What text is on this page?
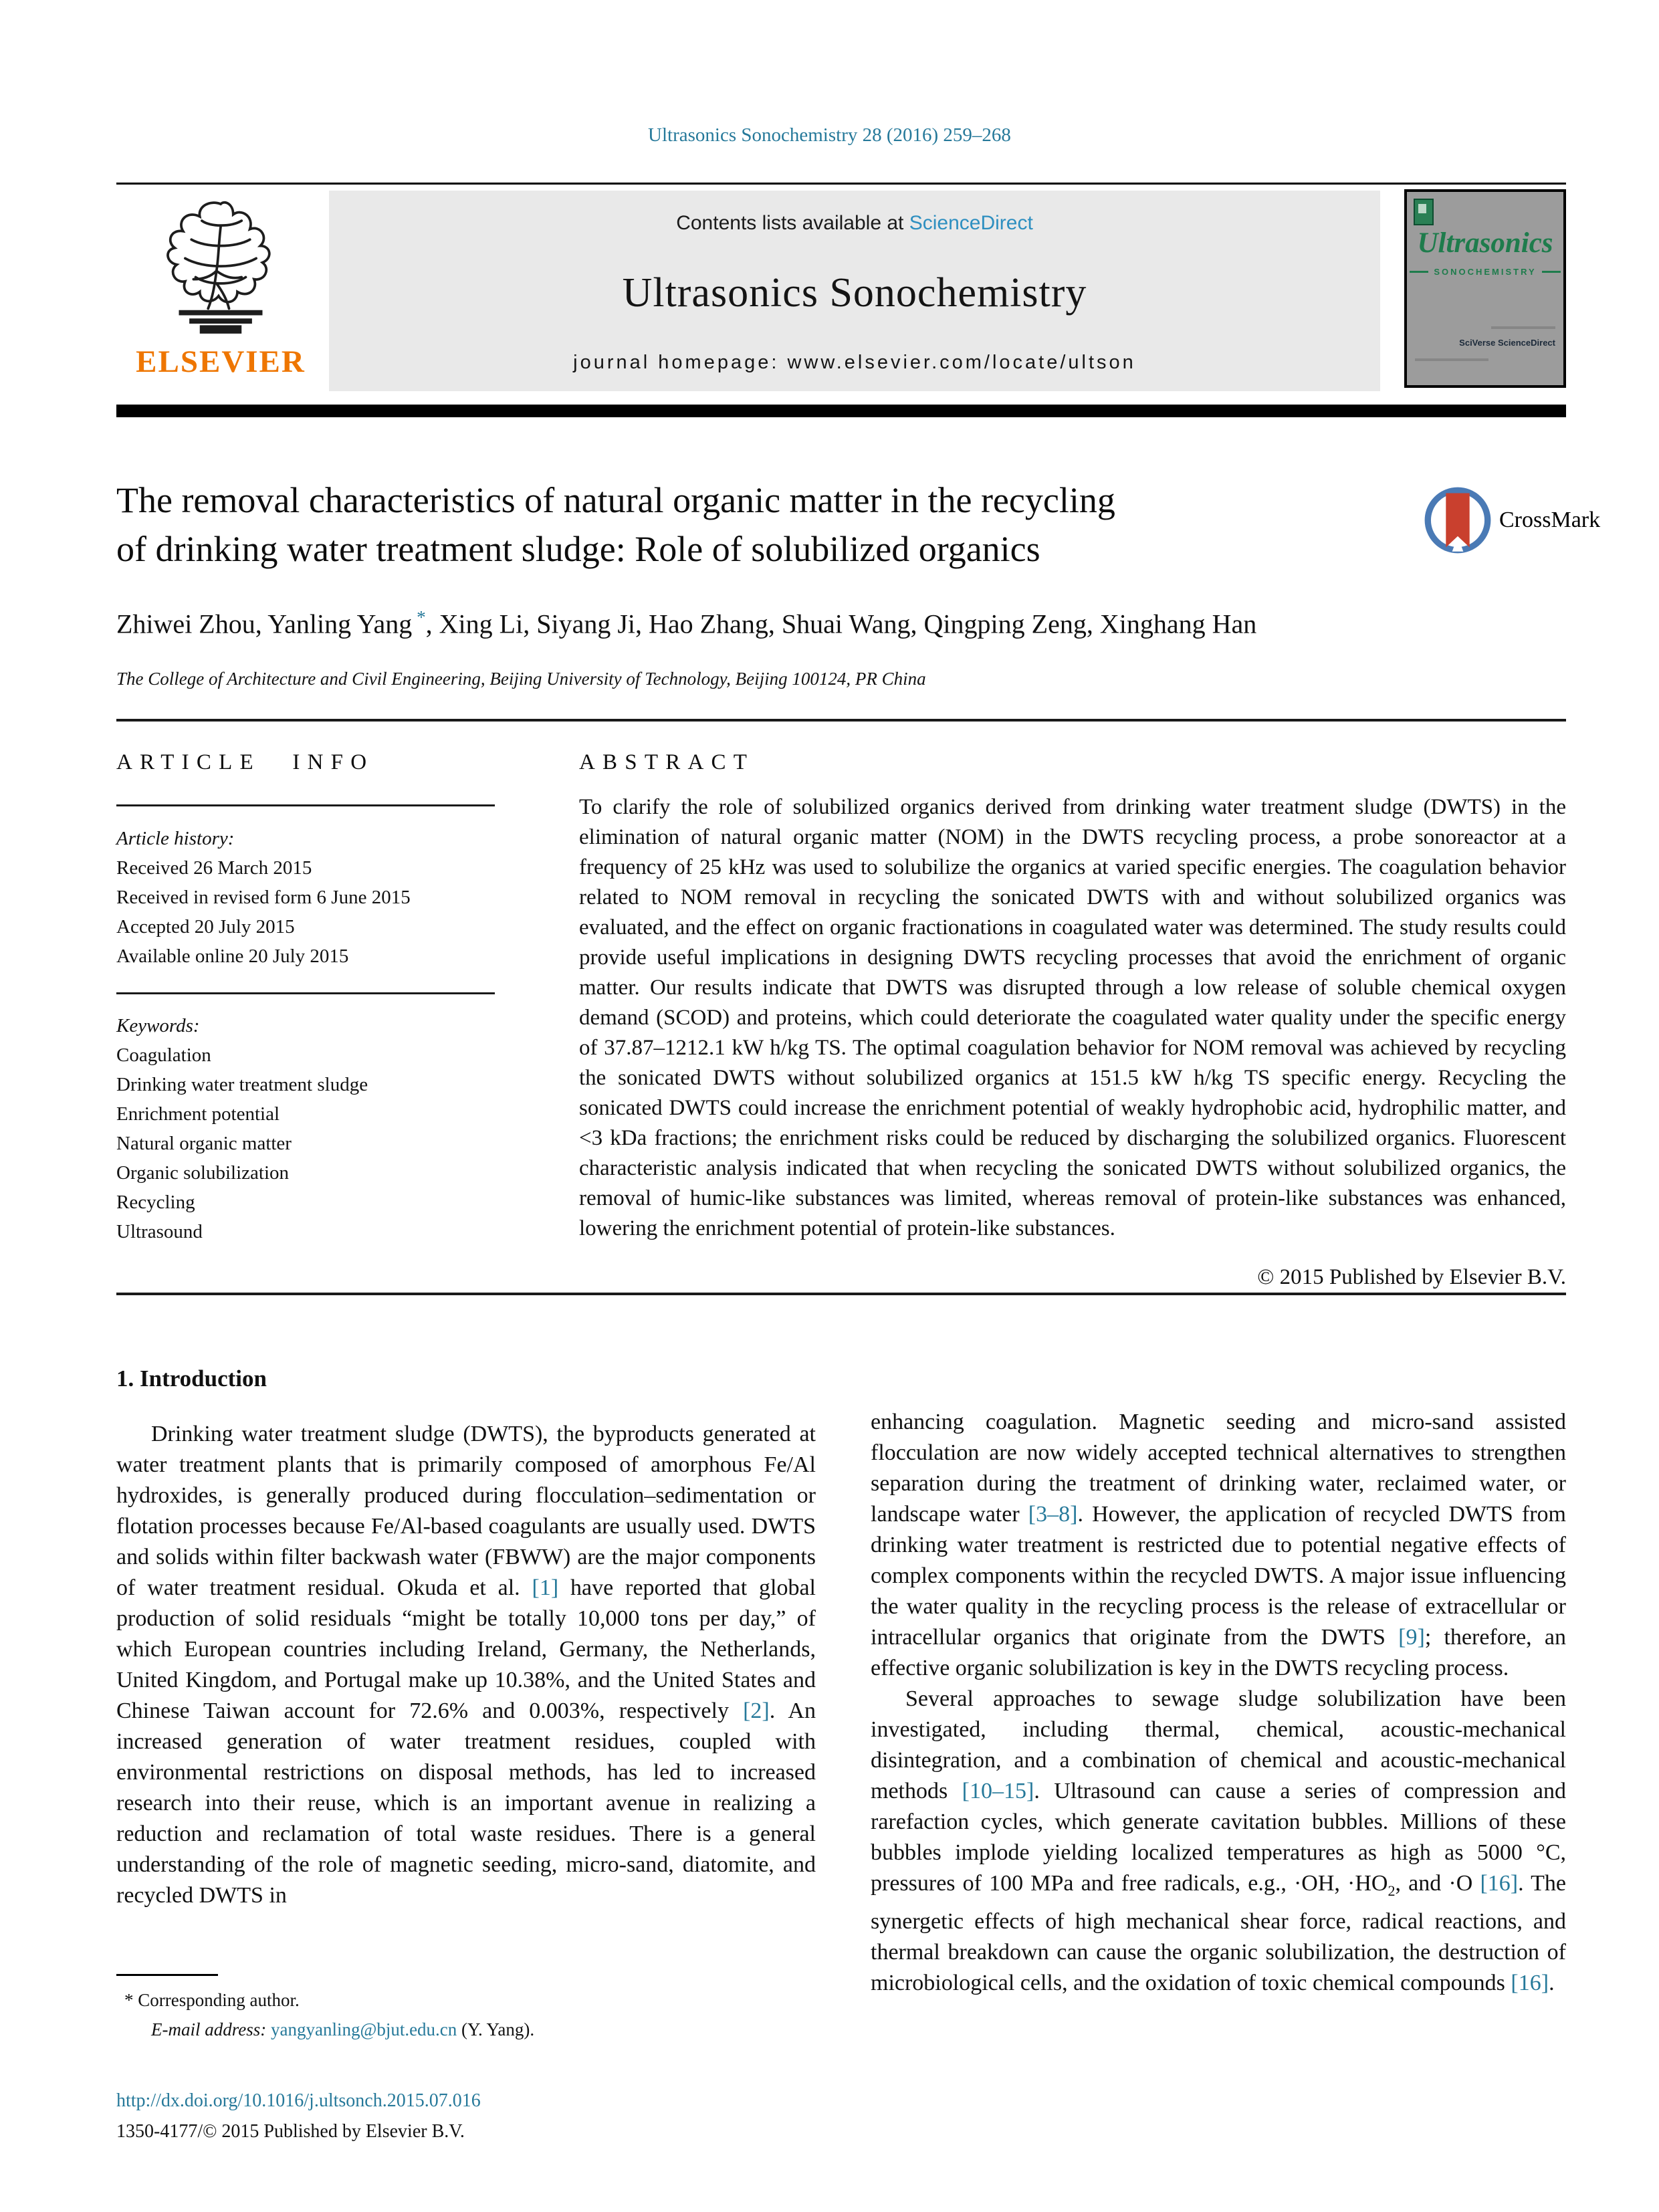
Ultrasonics Sonochemistry 28 (2016) 259–268
ELSEVIER
Contents lists available at ScienceDirect
Ultrasonics Sonochemistry
journal homepage: www.elsevier.com/locate/ultson
Ultrasonics
SONOCHEMISTRY
SciVerse ScienceDirect
The removal characteristics of natural organic matter in the recycling
of drinking water treatment sludge: Role of solubilized organics
CrossMark
Zhiwei Zhou, Yanling Yang *, Xing Li, Siyang Ji, Hao Zhang, Shuai Wang, Qingping Zeng, Xinghang Han
The College of Architecture and Civil Engineering, Beijing University of Technology, Beijing 100124, PR China
ARTICLE INFO
Article history:
Received 26 March 2015
Received in revised form 6 June 2015
Accepted 20 July 2015
Available online 20 July 2015
Keywords:
Coagulation
Drinking water treatment sludge
Enrichment potential
Natural organic matter
Organic solubilization
Recycling
Ultrasound
ABSTRACT
To clarify the role of solubilized organics derived from drinking water treatment sludge (DWTS) in the elimination of natural organic matter (NOM) in the DWTS recycling process, a probe sonoreactor at a frequency of 25 kHz was used to solubilize the organics at varied specific energies. The coagulation behavior related to NOM removal in recycling the sonicated DWTS with and without solubilized organics was evaluated, and the effect on organic fractionations in coagulated water was determined. The study results could provide useful implications in designing DWTS recycling processes that avoid the enrichment of organic matter. Our results indicate that DWTS was disrupted through a low release of soluble chemical oxygen demand (SCOD) and proteins, which could deteriorate the coagulated water quality under the specific energy of 37.87–1212.1 kW h/kg TS. The optimal coagulation behavior for NOM removal was achieved by recycling the sonicated DWTS without solubilized organics at 151.5 kW h/kg TS specific energy. Recycling the sonicated DWTS could increase the enrichment potential of weakly hydrophobic acid, hydrophilic matter, and <3 kDa fractions; the enrichment risks could be reduced by discharging the solubilized organics. Fluorescent characteristic analysis indicated that when recycling the sonicated DWTS without solubilized organics, the removal of humic-like substances was limited, whereas removal of protein-like substances was enhanced, lowering the enrichment potential of protein-like substances.
© 2015 Published by Elsevier B.V.
1. Introduction
Drinking water treatment sludge (DWTS), the byproducts generated at water treatment plants that is primarily composed of amorphous Fe/Al hydroxides, is generally produced during flocculation–sedimentation or flotation processes because Fe/Al-based coagulants are usually used. DWTS and solids within filter backwash water (FBWW) are the major components of water treatment residual. Okuda et al. [1] have reported that global production of solid residuals “might be totally 10,000 tons per day,” of which European countries including Ireland, Germany, the Netherlands, United Kingdom, and Portugal make up 10.38%, and the United States and Chinese Taiwan account for 72.6% and 0.003%, respectively [2]. An increased generation of water treatment residues, coupled with environmental restrictions on disposal methods, has led to increased research into their reuse, which is an important avenue in realizing a reduction and reclamation of total waste residues. There is a general understanding of the role of magnetic seeding, micro-sand, diatomite, and recycled DWTS in
enhancing coagulation. Magnetic seeding and micro-sand assisted flocculation are now widely accepted technical alternatives to strengthen separation during the treatment of drinking water, reclaimed water, or landscape water [3–8]. However, the application of recycled DWTS from drinking water treatment is restricted due to potential negative effects of complex components within the recycled DWTS. A major issue influencing the water quality in the recycling process is the release of extracellular or intracellular organics that originate from the DWTS [9]; therefore, an effective organic solubilization is key in the DWTS recycling process.
Several approaches to sewage sludge solubilization have been investigated, including thermal, chemical, acoustic-mechanical disintegration, and a combination of chemical and acoustic-mechanical methods [10–15]. Ultrasound can cause a series of compression and rarefaction cycles, which generate cavitation bubbles. Millions of these bubbles implode yielding localized temperatures as high as 5000 °C, pressures of 100 MPa and free radicals, e.g., ·OH, $\cdot HO_2$, and ·O [16]. The synergetic effects of high mechanical shear force, radical reactions, and thermal breakdown can cause the organic solubilization, the destruction of microbiological cells, and the oxidation of toxic chemical compounds [16].
* Corresponding author.
E-mail address: yangyanling@bjut.edu.cn (Y. Yang).
http://dx.doi.org/10.1016/j.ultsonch.2015.07.016
1350-4177/© 2015 Published by Elsevier B.V.
